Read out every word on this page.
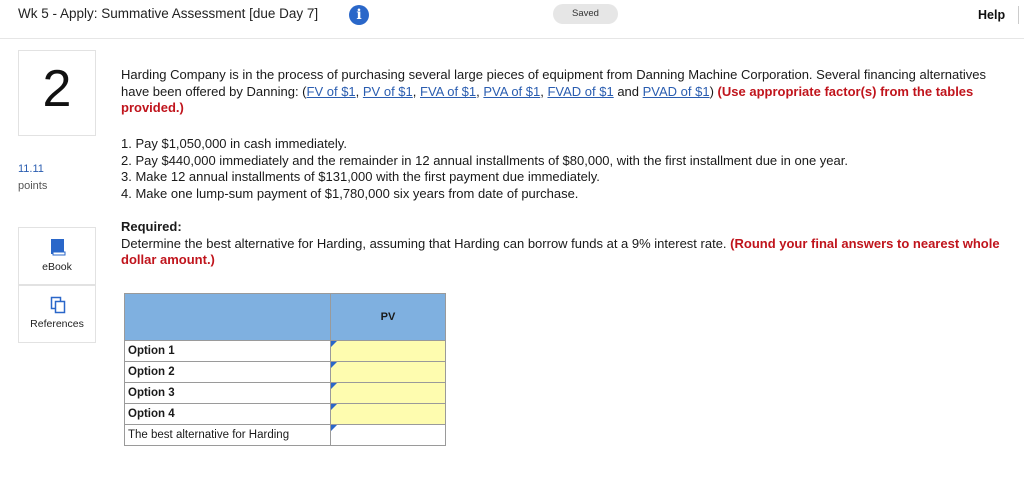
Wk 5 - Apply: Summative Assessment [due Day 7]	i	Saved	Help
2
11.11
points
eBook
References
Harding Company is in the process of purchasing several large pieces of equipment from Danning Machine Corporation. Several financing alternatives have been offered by Danning: (FV of $1, PV of $1, FVA of $1, PVA of $1, FVAD of $1 and PVAD of $1) (Use appropriate factor(s) from the tables provided.)
1. Pay $1,050,000 in cash immediately.
2. Pay $440,000 immediately and the remainder in 12 annual installments of $80,000, with the first installment due in one year.
3. Make 12 annual installments of $131,000 with the first payment due immediately.
4. Make one lump-sum payment of $1,780,000 six years from date of purchase.
Required:
Determine the best alternative for Harding, assuming that Harding can borrow funds at a 9% interest rate. (Round your final answers to nearest whole dollar amount.)
	PV
Option 1	

Option 2	

Option 3	

Option 4	

The best alternative for Harding	
